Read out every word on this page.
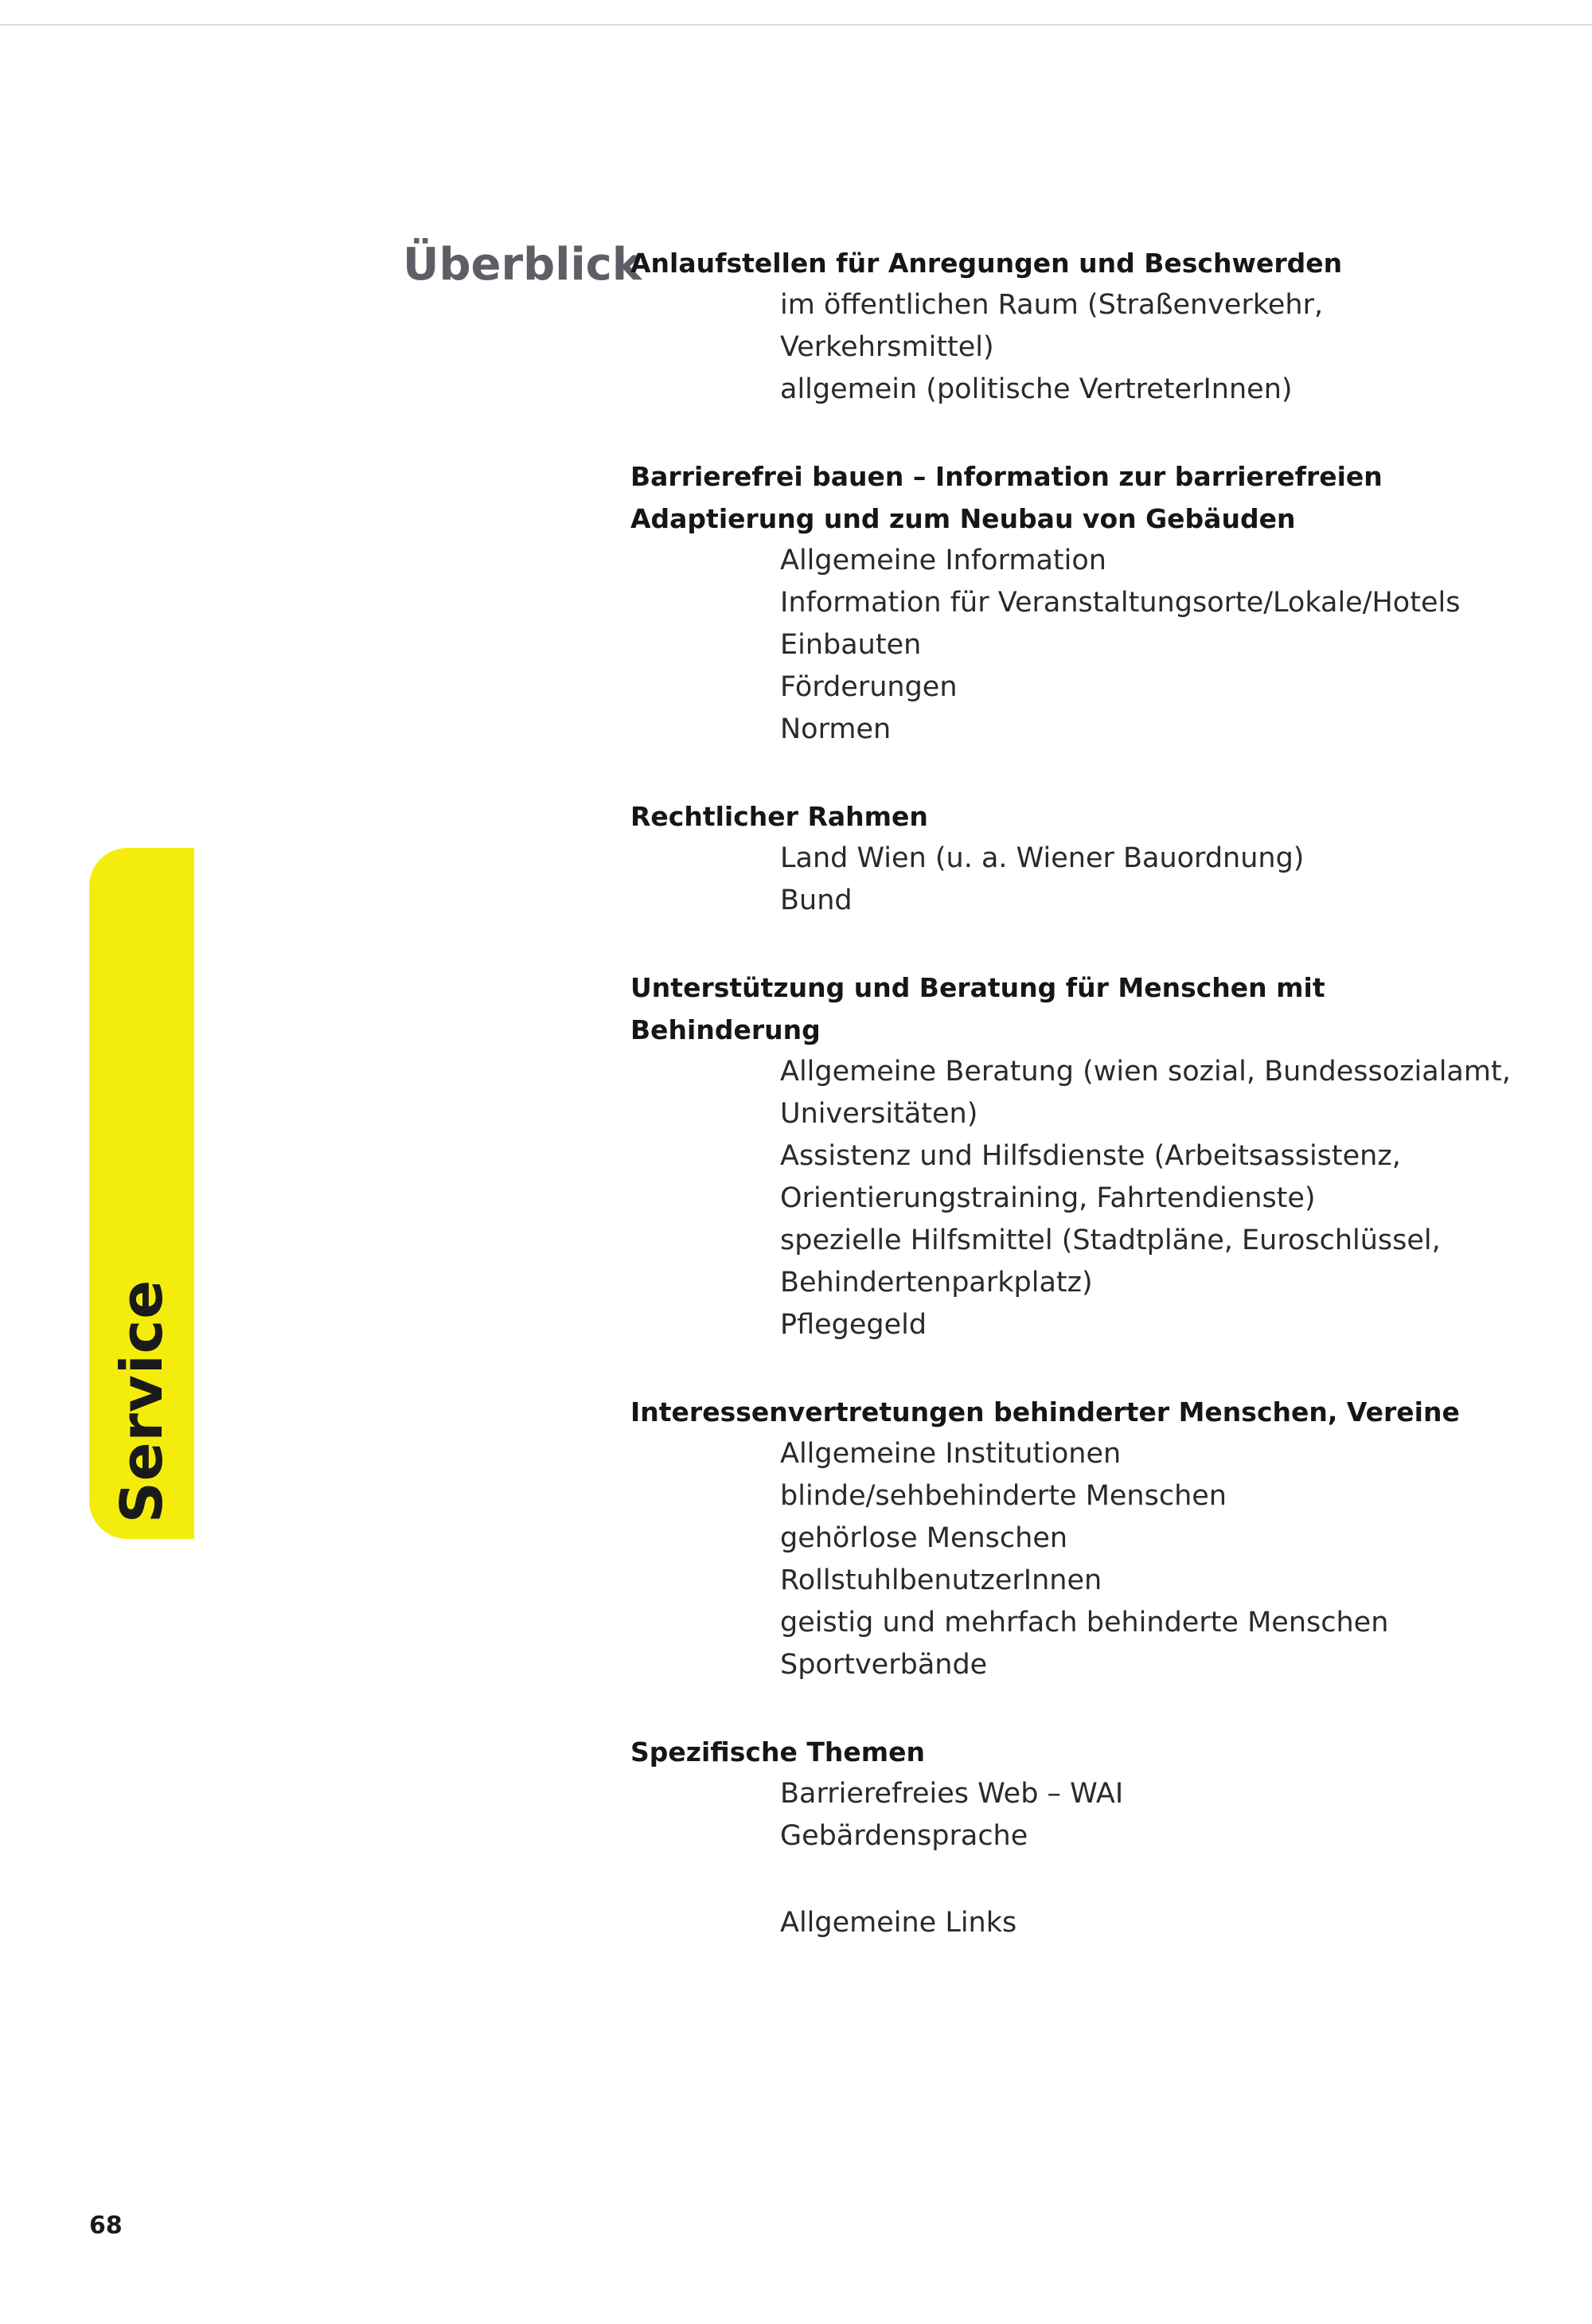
Service
Überblick

Anlaufstellen für Anregungen und Beschwerden

im öffentlichen Raum (Straßenverkehr, Verkehrsmittel)
allgemein (politische VertreterInnen)

Barrierefrei bauen – Information zur barrierefreien Adaptierung und zum Neubau von Gebäuden

Allgemeine Information
Information für Veranstaltungsorte/Lokale/Hotels
Einbauten
Förderungen
Normen

Rechtlicher Rahmen

Land Wien (u. a. Wiener Bauordnung)
Bund

Unterstützung und Beratung für Menschen mit Behinderung

Allgemeine Beratung (wien sozial, Bundessozialamt, Universitäten)
Assistenz und Hilfsdienste (Arbeitsassistenz, Orientierungstraining, Fahrtendienste)
spezielle Hilfsmittel (Stadtpläne, Euroschlüssel, Behindertenparkplatz)
Pflegegeld

Interessenvertretungen behinderter Menschen, Vereine

Allgemeine Institutionen
blinde/sehbehinderte Menschen
gehörlose Menschen
RollstuhlbenutzerInnen
geistig und mehrfach behinderte Menschen
Sportverbände

Spezifische Themen

Barrierefreies Web – WAI
Gebärdensprache
Allgemeine Links
68
